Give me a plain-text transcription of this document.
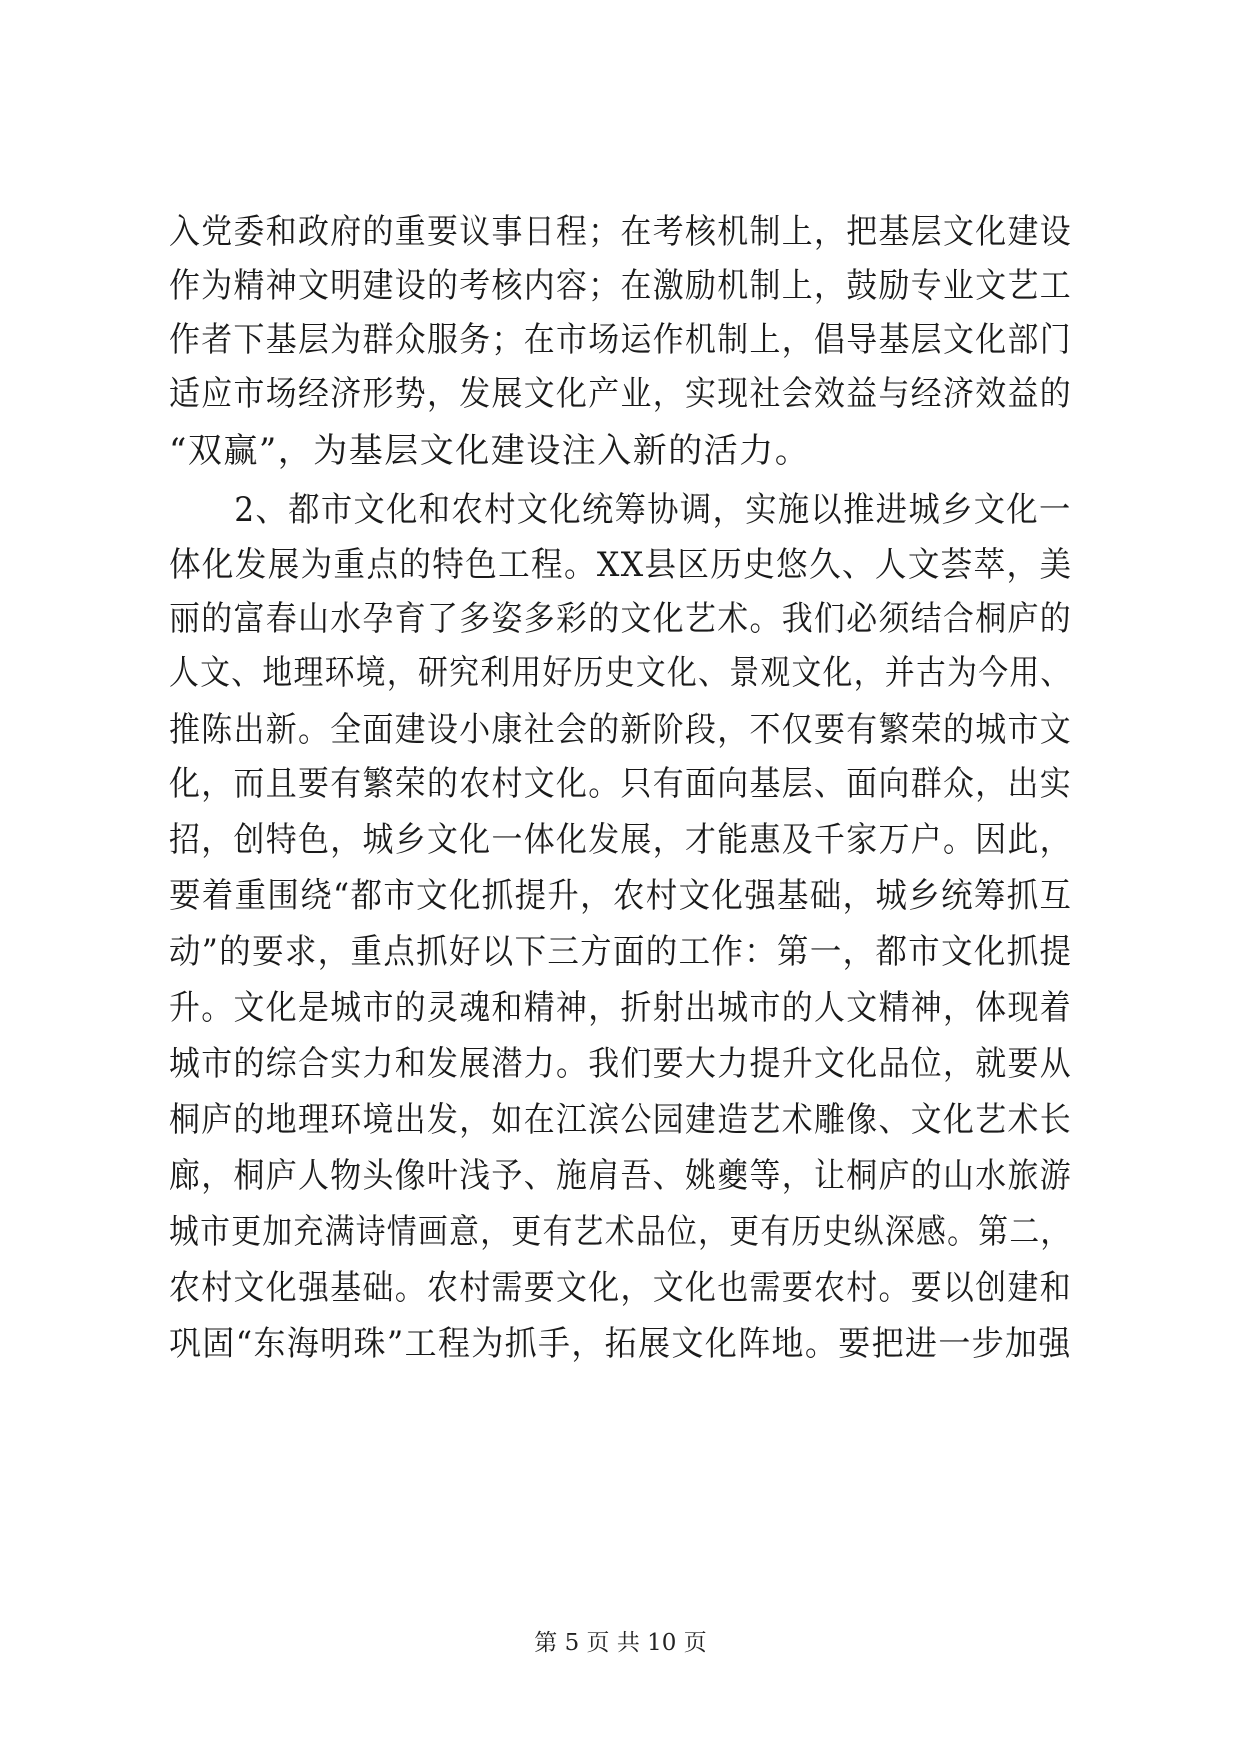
入党委和政府的重要议事日程；在考核机制上，把基层文化建设
作为精神文明建设的考核内容；在激励机制上，鼓励专业文艺工
作者下基层为群众服务；在市场运作机制上，倡导基层文化部门
适应市场经济形势，发展文化产业，实现社会效益与经济效益的
“双赢”，为基层文化建设注入新的活力。
　　2、都市文化和农村文化统筹协调，实施以推进城乡文化一
体化发展为重点的特色工程。XX县区历史悠久、人文荟萃，美
丽的富春山水孕育了多姿多彩的文化艺术。我们必须结合桐庐的
人文、地理环境，研究利用好历史文化、景观文化，并古为今用、
推陈出新。全面建设小康社会的新阶段，不仅要有繁荣的城市文
化，而且要有繁荣的农村文化。只有面向基层、面向群众，出实
招，创特色，城乡文化一体化发展，才能惠及千家万户。因此，
要着重围绕“都市文化抓提升，农村文化强基础，城乡统筹抓互
动”的要求，重点抓好以下三方面的工作：第一，都市文化抓提
升。文化是城市的灵魂和精神，折射出城市的人文精神，体现着
城市的综合实力和发展潜力。我们要大力提升文化品位，就要从
桐庐的地理环境出发，如在江滨公园建造艺术雕像、文化艺术长
廊，桐庐人物头像叶浅予、施肩吾、姚夔等，让桐庐的山水旅游
城市更加充满诗情画意，更有艺术品位，更有历史纵深感。第二，
农村文化强基础。农村需要文化，文化也需要农村。要以创建和
巩固“东海明珠”工程为抓手，拓展文化阵地。要把进一步加强
第 5 页 共 10 页
